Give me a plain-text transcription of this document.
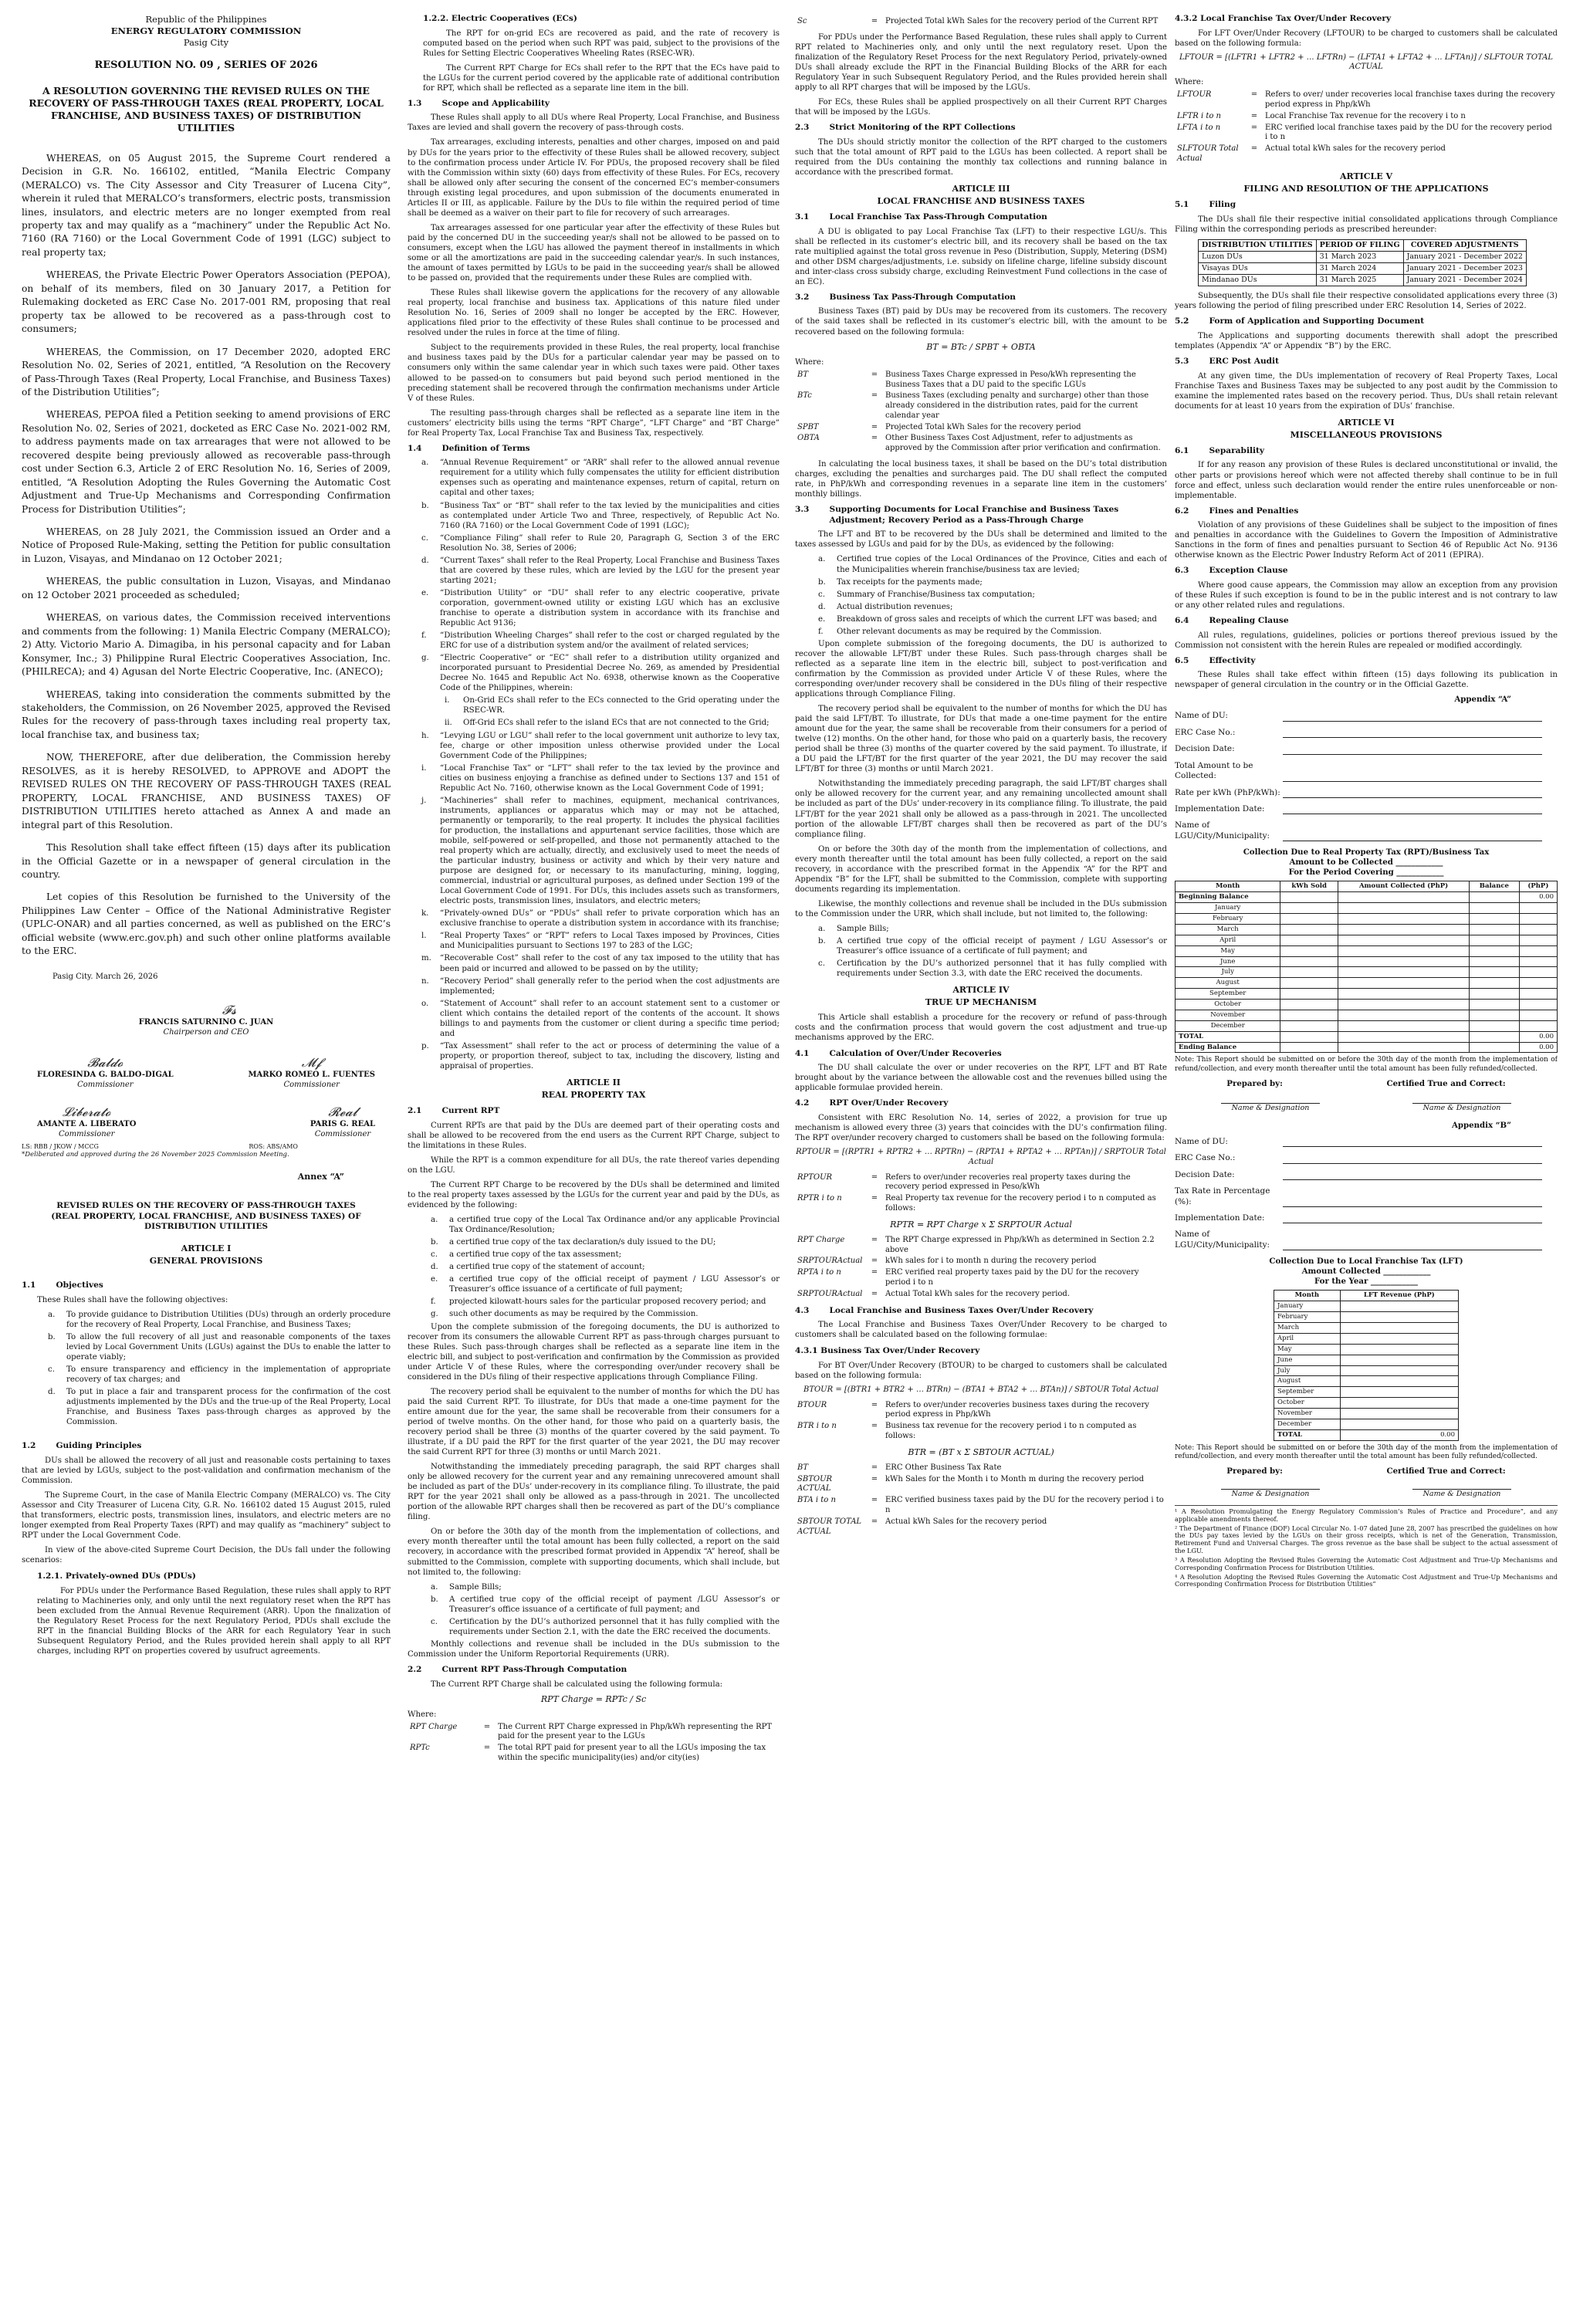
Republic of the Philippines
ENERGY REGULATORY COMMISSION
Pasig City
RESOLUTION NO. 09 , SERIES OF 2026
A RESOLUTION GOVERNING THE REVISED RULES ON THE RECOVERY OF PASS-THROUGH TAXES (REAL PROPERTY, LOCAL FRANCHISE, AND BUSINESS TAXES) OF DISTRIBUTION UTILITIES

WHEREAS, on 05 August 2015, the Supreme Court rendered a Decision in G.R. No. 166102, entitled, “Manila Electric Company (MERALCO) vs. The City Assessor and City Treasurer of Lucena City”, wherein it ruled that MERALCO’s transformers, electric posts, transmission lines, insulators, and electric meters are no longer exempted from real property tax and may qualify as a “machinery” under the Republic Act No. 7160 (RA 7160) or the Local Government Code of 1991 (LGC) subject to real property tax;

WHEREAS, the Private Electric Power Operators Association (PEPOA), on behalf of its members, filed on 30 January 2017, a Petition for Rulemaking docketed as ERC Case No. 2017-001 RM, proposing that real property tax be allowed to be recovered as a pass-through cost to consumers;

WHEREAS, the Commission, on 17 December 2020, adopted ERC Resolution No. 02, Series of 2021, entitled, “A Resolution on the Recovery of Pass-Through Taxes (Real Property, Local Franchise, and Business Taxes) of the Distribution Utilities”;

WHEREAS, PEPOA filed a Petition seeking to amend provisions of ERC Resolution No. 02, Series of 2021, docketed as ERC Case No. 2021-002 RM, to address payments made on tax arrearages that were not allowed to be recovered despite being previously allowed as recoverable pass-through cost under Section 6.3, Article 2 of ERC Resolution No. 16, Series of 2009, entitled, “A Resolution Adopting the Rules Governing the Automatic Cost Adjustment and True-Up Mechanisms and Corresponding Confirmation Process for Distribution Utilities”;

WHEREAS, on 28 July 2021, the Commission issued an Order and a Notice of Proposed Rule-Making, setting the Petition for public consultation in Luzon, Visayas, and Mindanao on 12 October 2021;

WHEREAS, the public consultation in Luzon, Visayas, and Mindanao on 12 October 2021 proceeded as scheduled;

WHEREAS, on various dates, the Commission received interventions and comments from the following: 1) Manila Electric Company (MERALCO); 2) Atty. Victorio Mario A. Dimagiba, in his personal capacity and for Laban Konsymer, Inc.; 3) Philippine Rural Electric Cooperatives Association, Inc. (PHILRECA); and 4) Agusan del Norte Electric Cooperative, Inc. (ANECO);

WHEREAS, taking into consideration the comments submitted by the stakeholders, the Commission, on 26 November 2025, approved the Revised Rules for the recovery of pass-through taxes including real property tax, local franchise tax, and business tax;

NOW, THEREFORE, after due deliberation, the Commission hereby RESOLVES, as it is hereby RESOLVED, to APPROVE and ADOPT the REVISED RULES ON THE RECOVERY OF PASS-THROUGH TAXES (REAL PROPERTY, LOCAL FRANCHISE, AND BUSINESS TAXES) OF DISTRIBUTION UTILITIES hereto attached as Annex A and made an integral part of this Resolution.

This Resolution shall take effect fifteen (15) days after its publication in the Official Gazette or in a newspaper of general circulation in the country.

Let copies of this Resolution be furnished to the University of the Philippines Law Center – Office of the National Administrative Register (UPLC-ONAR) and all parties concerned, as well as published on the ERC’s official website (www.erc.gov.ph) and such other online platforms available to the ERC.

Pasig City. March 26, 2026
𝓕𝓼
FRANCIS SATURNINO C. JUAN
Chairperson and CEO
𝓑𝓪𝓵𝓭𝓸
FLORESINDA G. BALDO-DIGAL
Commissioner
𝓜𝓯
MARKO ROMEO L. FUENTES
Commissioner
𝓛𝓲𝓫𝓮𝓻𝓪𝓽𝓸
AMANTE A. LIBERATO
Commissioner
𝓡𝓮𝓪𝓵
PARIS G. REAL
Commissioner
LS: RBB / JKOW / MCCG	ROS: ABS/AMO
*Deliberated and approved during the 26 November 2025 Commission Meeting.
Annex “A”
REVISED RULES ON THE RECOVERY OF PASS-THROUGH TAXES (REAL PROPERTY, LOCAL FRANCHISE, AND BUSINESS TAXES) OF DISTRIBUTION UTILITIES
ARTICLE I
GENERAL PROVISIONS
1.1 Objectives

These Rules shall have the following objectives:

a.	To provide guidance to Distribution Utilities (DUs) through an orderly procedure for the recovery of Real Property, Local Franchise, and Business Taxes;
b.	To allow the full recovery of all just and reasonable components of the taxes levied by Local Government Units (LGUs) against the DUs to enable the latter to operate viably;
c.	To ensure transparency and efficiency in the implementation of appropriate recovery of tax charges; and
d.	To put in place a fair and transparent process for the confirmation of the cost adjustments implemented by the DUs and the true-up of the Real Property, Local Franchise, and Business Taxes pass-through charges as approved by the Commission.
1.2 Guiding Principles

DUs shall be allowed the recovery of all just and reasonable costs pertaining to taxes that are levied by LGUs, subject to the post-validation and confirmation mechanism of the Commission.

The Supreme Court, in the case of Manila Electric Company (MERALCO) vs. The City Assessor and City Treasurer of Lucena City, G.R. No. 166102 dated 15 August 2015, ruled that transformers, electric posts, transmission lines, insulators, and electric meters are no longer exempted from Real Property Taxes (RPT) and may qualify as “machinery” subject to RPT under the Local Government Code.

In view of the above-cited Supreme Court Decision, the DUs fall under the following scenarios:

1.2.1. Privately-owned DUs (PDUs)

For PDUs under the Performance Based Regulation, these rules shall apply to RPT relating to Machineries only, and only until the next regulatory reset when the RPT has been excluded from the Annual Revenue Requirement (ARR). Upon the finalization of the Regulatory Reset Process for the next Regulatory Period, PDUs shall exclude the RPT in the financial Building Blocks of the ARR for each Regulatory Year in such Subsequent Regulatory Period, and the Rules provided herein shall apply to all RPT charges, including RPT on properties covered by usufruct agreements.

1.2.2. Electric Cooperatives (ECs)

The RPT for on-grid ECs are recovered as paid, and the rate of recovery is computed based on the period when such RPT was paid, subject to the provisions of the Rules for Setting Electric Cooperatives Wheeling Rates (RSEC-WR).

The Current RPT Charge for ECs shall refer to the RPT that the ECs have paid to the LGUs for the current period covered by the applicable rate of additional contribution for RPT, which shall be reflected as a separate line item in the bill.

1.3 Scope and Applicability

These Rules shall apply to all DUs where Real Property, Local Franchise, and Business Taxes are levied and shall govern the recovery of pass-through costs.

Tax arrearages, excluding interests, penalties and other charges, imposed on and paid by DUs for the years prior to the effectivity of these Rules shall be allowed recovery, subject to the confirmation process under Article IV. For PDUs, the proposed recovery shall be filed with the Commission within sixty (60) days from effectivity of these Rules. For ECs, recovery shall be allowed only after securing the consent of the concerned EC’s member-consumers through existing legal procedures, and upon submission of the documents enumerated in Articles II or III, as applicable. Failure by the DUs to file within the required period of time shall be deemed as a waiver on their part to file for recovery of such arrearages.

Tax arrearages assessed for one particular year after the effectivity of these Rules but paid by the concerned DU in the succeeding year/s shall not be allowed to be passed on to consumers, except when the LGU has allowed the payment thereof in installments in which some or all the amortizations are paid in the succeeding calendar year/s. In such instances, the amount of taxes permitted by LGUs to be paid in the succeeding year/s shall be allowed to be passed on, provided that the requirements under these Rules are complied with.

These Rules shall likewise govern the applications for the recovery of any allowable real property, local franchise and business tax. Applications of this nature filed under Resolution No. 16, Series of 2009 shall no longer be accepted by the ERC. However, applications filed prior to the effectivity of these Rules shall continue to be processed and resolved under the rules in force at the time of filing.

Subject to the requirements provided in these Rules, the real property, local franchise and business taxes paid by the DUs for a particular calendar year may be passed on to consumers only within the same calendar year in which such taxes were paid. Other taxes allowed to be passed-on to consumers but paid beyond such period mentioned in the preceding statement shall be recovered through the confirmation mechanisms under Article V of these Rules.

The resulting pass-through charges shall be reflected as a separate line item in the customers’ electricity bills using the terms “RPT Charge”, “LFT Charge” and “BT Charge” for Real Property Tax, Local Franchise Tax and Business Tax, respectively.

1.4 Definition of Terms
a.	“Annual Revenue Requirement” or “ARR” shall refer to the allowed annual revenue requirement for a utility which fully compensates the utility for efficient distribution expenses such as operating and maintenance expenses, return of capital, return on capital and other taxes;
b.	“Business Tax” or “BT” shall refer to the tax levied by the municipalities and cities as contemplated under Article Two and Three, respectively, of Republic Act No. 7160 (RA 7160) or the Local Government Code of 1991 (LGC);
c.	“Compliance Filing” shall refer to Rule 20, Paragraph G, Section 3 of the ERC Resolution No. 38, Series of 2006;
d.	“Current Taxes” shall refer to the Real Property, Local Franchise and Business Taxes that are covered by these rules, which are levied by the LGU for the present year starting 2021;
e.	“Distribution Utility” or “DU” shall refer to any electric cooperative, private corporation, government-owned utility or existing LGU which has an exclusive franchise to operate a distribution system in accordance with its franchise and Republic Act 9136;
f.	“Distribution Wheeling Charges” shall refer to the cost or charged regulated by the ERC for use of a distribution system and/or the availment of related services;
g.	“Electric Cooperative” or “EC” shall refer to a distribution utility organized and incorporated pursuant to Presidential Decree No. 269, as amended by Presidential Decree No. 1645 and Republic Act No. 6938, otherwise known as the Cooperative Code of the Philippines, wherein:
i.	On-Grid ECs shall refer to the ECs connected to the Grid operating under the RSEC-WR.
ii.	Off-Grid ECs shall refer to the island ECs that are not connected to the Grid;
h.	“Levying LGU or LGU” shall refer to the local government unit authorize to levy tax, fee, charge or other imposition unless otherwise provided under the Local Government Code of the Philippines;
i.	“Local Franchise Tax” or “LFT” shall refer to the tax levied by the province and cities on business enjoying a franchise as defined under to Sections 137 and 151 of Republic Act No. 7160, otherwise known as the Local Government Code of 1991;
j.	“Machineries” shall refer to machines, equipment, mechanical contrivances, instruments, appliances or apparatus which may or may not be attached, permanently or temporarily, to the real property. It includes the physical facilities for production, the installations and appurtenant service facilities, those which are mobile, self-powered or self-propelled, and those not permanently attached to the real property which are actually, directly, and exclusively used to meet the needs of the particular industry, business or activity and which by their very nature and purpose are designed for, or necessary to its manufacturing, mining, logging, commercial, industrial or agricultural purposes, as defined under Section 199 of the Local Government Code of 1991. For DUs, this includes assets such as transformers, electric posts, transmission lines, insulators, and electric meters;
k.	“Privately-owned DUs” or “PDUs” shall refer to private corporation which has an exclusive franchise to operate a distribution system in accordance with its franchise;
l.	“Real Property Taxes” or “RPT” refers to Local Taxes imposed by Provinces, Cities and Municipalities pursuant to Sections 197 to 283 of the LGC;
m.	“Recoverable Cost” shall refer to the cost of any tax imposed to the utility that has been paid or incurred and allowed to be passed on by the utility;
n.	“Recovery Period” shall generally refer to the period when the cost adjustments are implemented;
o.	“Statement of Account” shall refer to an account statement sent to a customer or client which contains the detailed report of the contents of the account. It shows billings to and payments from the customer or client during a specific time period; and
p.	“Tax Assessment” shall refer to the act or process of determining the value of a property, or proportion thereof, subject to tax, including the discovery, listing and appraisal of properties.
ARTICLE II
REAL PROPERTY TAX
2.1 Current RPT

Current RPTs are that paid by the DUs are deemed part of their operating costs and shall be allowed to be recovered from the end users as the Current RPT Charge, subject to the limitations in these Rules.

While the RPT is a common expenditure for all DUs, the rate thereof varies depending on the LGU.

The Current RPT Charge to be recovered by the DUs shall be determined and limited to the real property taxes assessed by the LGUs for the current year and paid by the DUs, as evidenced by the following:

a.	a certified true copy of the Local Tax Ordinance and/or any applicable Provincial Tax Ordinance/Resolution;
b.	a certified true copy of the tax declaration/s duly issued to the DU;
c.	a certified true copy of the tax assessment;
d.	a certified true copy of the statement of account;
e.	a certified true copy of the official receipt of payment / LGU Assessor’s or Treasurer’s office issuance of a certificate of full payment;
f.	projected kilowatt-hours sales for the particular proposed recovery period; and
g.	such other documents as may be required by the Commission.

Upon the complete submission of the foregoing documents, the DU is authorized to recover from its consumers the allowable Current RPT as pass-through charges pursuant to these Rules. Such pass-through charges shall be reflected as a separate line item in the electric bill, and subject to post-verification and confirmation by the Commission as provided under Article V of these Rules, where the corresponding over/under recovery shall be considered in the DUs filing of their respective applications through Compliance Filing.

The recovery period shall be equivalent to the number of months for which the DU has paid the said Current RPT. To illustrate, for DUs that made a one-time payment for the entire amount due for the year, the same shall be recoverable from their consumers for a period of twelve months. On the other hand, for those who paid on a quarterly basis, the recovery period shall be three (3) months of the quarter covered by the said payment. To illustrate, if a DU paid the RPT for the first quarter of the year 2021, the DU may recover the said Current RPT for three (3) months or until March 2021.

Notwithstanding the immediately preceding paragraph, the said RPT charges shall only be allowed recovery for the current year and any remaining unrecovered amount shall be included as part of the DUs’ under-recovery in its compliance filing. To illustrate, the paid RPT for the year 2021 shall only be allowed as a pass-through in 2021. The uncollected portion of the allowable RPT charges shall then be recovered as part of the DU’s compliance filing.

On or before the 30th day of the month from the implementation of collections, and every month thereafter until the total amount has been fully collected, a report on the said recovery, in accordance with the prescribed format provided in Appendix “A” hereof, shall be submitted to the Commission, complete with supporting documents, which shall include, but not limited to, the following:

a.	Sample Bills;
b.	A certified true copy of the official receipt of payment /LGU Assessor’s or Treasurer’s office issuance of a certificate of full payment; and
c.	Certification by the DU’s authorized personnel that it has fully complied with the requirements under Section 2.1, with the date the ERC received the documents.

Monthly collections and revenue shall be included in the DUs submission to the Commission under the Uniform Reportorial Requirements (URR).

2.2 Current RPT Pass-Through Computation

The Current RPT Charge shall be calculated using the following formula:

RPT Charge = RPTc / Sc
Where:
RPT Charge	=	The Current RPT Charge expressed in Php/kWh representing the RPT paid for the present year to the LGUs
RPTc	=	The total RPT paid for present year to all the LGUs imposing the tax within the specific municipality(ies) and/or city(ies)
Sc	=	Projected Total kWh Sales for the recovery period of the Current RPT

For PDUs under the Performance Based Regulation, these rules shall apply to Current RPT related to Machineries only, and only until the next regulatory reset. Upon the finalization of the Regulatory Reset Process for the next Regulatory Period, privately-owned DUs shall already exclude the RPT in the Financial Building Blocks of the ARR for each Regulatory Year in such Subsequent Regulatory Period, and the Rules provided herein shall apply to all RPT charges that will be imposed by the LGUs.

For ECs, these Rules shall be applied prospectively on all their Current RPT Charges that will be imposed by the LGUs.

2.3 Strict Monitoring of the RPT Collections

The DUs should strictly monitor the collection of the RPT charged to the customers such that the total amount of RPT paid to the LGUs has been collected. A report shall be required from the DUs containing the monthly tax collections and running balance in accordance with the prescribed format.

ARTICLE III
LOCAL FRANCHISE AND BUSINESS TAXES
3.1 Local Franchise Tax Pass-Through Computation

A DU is obligated to pay Local Franchise Tax (LFT) to their respective LGU/s. This shall be reflected in its customer’s electric bill, and its recovery shall be based on the tax rate multiplied against the total gross revenue in Peso (Distribution, Supply, Metering (DSM) and other DSM charges/adjustments, i.e. subsidy on lifeline charge, lifeline subsidy discount and inter-class cross subsidy charge, excluding Reinvestment Fund collections in the case of an EC).

3.2 Business Tax Pass-Through Computation

Business Taxes (BT) paid by DUs may be recovered from its customers. The recovery of the said taxes shall be reflected in its customer’s electric bill, with the amount to be recovered based on the following formula:

BT = BTc / SPBT + OBTA
Where:
BT	=	Business Taxes Charge expressed in Peso/kWh representing the Business Taxes that a DU paid to the specific LGUs
BTc	=	Business Taxes (excluding penalty and surcharge) other than those already considered in the distribution rates, paid for the current calendar year
SPBT	=	Projected Total kWh Sales for the recovery period
OBTA	=	Other Business Taxes Cost Adjustment, refer to adjustments as approved by the Commission after prior verification and confirmation.

In calculating the local business taxes, it shall be based on the DU’s total distribution charges, excluding the penalties and surcharges paid. The DU shall reflect the computed rate, in PhP/kWh and corresponding revenues in a separate line item in the customers’ monthly billings.

3.3 Supporting Documents for Local Franchise and Business Taxes Adjustment; Recovery Period as a Pass-Through Charge

The LFT and BT to be recovered by the DUs shall be determined and limited to the taxes assessed by LGUs and paid for by the DUs, as evidenced by the following:

a.	Certified true copies of the Local Ordinances of the Province, Cities and each of the Municipalities wherein franchise/business tax are levied;
b.	Tax receipts for the payments made;
c.	Summary of Franchise/Business tax computation;
d.	Actual distribution revenues;
e.	Breakdown of gross sales and receipts of which the current LFT was based; and
f.	Other relevant documents as may be required by the Commission.

Upon complete submission of the foregoing documents, the DU is authorized to recover the allowable LFT/BT under these Rules. Such pass-through charges shall be reflected as a separate line item in the electric bill, subject to post-verification and confirmation by the Commission as provided under Article V of these Rules, where the corresponding over/under recovery shall be considered in the DUs filing of their respective applications through Compliance Filing.

The recovery period shall be equivalent to the number of months for which the DU has paid the said LFT/BT. To illustrate, for DUs that made a one-time payment for the entire amount due for the year, the same shall be recoverable from their consumers for a period of twelve (12) months. On the other hand, for those who paid on a quarterly basis, the recovery period shall be three (3) months of the quarter covered by the said payment. To illustrate, if a DU paid the LFT/BT for the first quarter of the year 2021, the DU may recover the said LFT/BT for three (3) months or until March 2021.

Notwithstanding the immediately preceding paragraph, the said LFT/BT charges shall only be allowed recovery for the current year, and any remaining uncollected amount shall be included as part of the DUs’ under-recovery in its compliance filing. To illustrate, the paid LFT/BT for the year 2021 shall only be allowed as a pass-through in 2021. The uncollected portion of the allowable LFT/BT charges shall then be recovered as part of the DU’s compliance filing.

On or before the 30th day of the month from the implementation of collections, and every month thereafter until the total amount has been fully collected, a report on the said recovery, in accordance with the prescribed format in the Appendix “A” for the RPT and Appendix “B” for the LFT, shall be submitted to the Commission, complete with supporting documents regarding its implementation.

Likewise, the monthly collections and revenue shall be included in the DUs submission to the Commission under the URR, which shall include, but not limited to, the following:

a.	Sample Bills;
b.	A certified true copy of the official receipt of payment / LGU Assessor’s or Treasurer’s office issuance of a certificate of full payment; and
c.	Certification by the DU’s authorized personnel that it has fully complied with requirements under Section 3.3, with date the ERC received the documents.
ARTICLE IV
TRUE UP MECHANISM

This Article shall establish a procedure for the recovery or refund of pass-through costs and the confirmation process that would govern the cost adjustment and true-up mechanisms approved by the ERC.

4.1 Calculation of Over/Under Recoveries

The DU shall calculate the over or under recoveries on the RPT, LFT and BT Rate brought about by the variance between the allowable cost and the revenues billed using the applicable formulae provided herein.

4.2 RPT Over/Under Recovery

Consistent with ERC Resolution No. 14, series of 2022, a provision for true up mechanism is allowed every three (3) years that coincides with the DU’s confirmation filing. The RPT over/under recovery charged to customers shall be based on the following formula:

RPTOUR = [(RPTR1 + RPTR2 + … RPTRn) − (RPTA1 + RPTA2 + … RPTAn)] / SRPTOUR Total Actual
RPTOUR	=	Refers to over/under recoveries real property taxes during the recovery period expressed in Peso/kWh
RPTR i to n	=	Real Property tax revenue for the recovery period i to n computed as follows:
RPTR = RPT Charge x Σ SRPTOUR Actual
RPT Charge	=	The RPT Charge expressed in Php/kWh as determined in Section 2.2 above
SRPTOURActual	=	kWh sales for i to month n during the recovery period
RPTA i to n	=	ERC verified real property taxes paid by the DU for the recovery period i to n
SRPTOURActual	=	Actual Total kWh sales for the recovery period.
4.3 Local Franchise and Business Taxes Over/Under Recovery

The Local Franchise and Business Taxes Over/Under Recovery to be charged to customers shall be calculated based on the following formulae:

4.3.1 Business Tax Over/Under Recovery

For BT Over/Under Recovery (BTOUR) to be charged to customers shall be calculated based on the following formula:

BTOUR = [(BTR1 + BTR2 + … BTRn) − (BTA1 + BTA2 + … BTAn)] / SBTOUR Total Actual
BTOUR	=	Refers to over/under recoveries business taxes during the recovery period express in Php/kWh
BTR i to n	=	Business tax revenue for the recovery period i to n computed as follows:
BTR = (BT x Σ SBTOUR ACTUAL)
BT	=	ERC Other Business Tax Rate
SBTOUR ACTUAL	=	kWh Sales for the Month i to Month m during the recovery period
BTA i to n	=	ERC verified business taxes paid by the DU for the recovery period i to n
SBTOUR TOTAL ACTUAL	=	Actual kWh Sales for the recovery period
4.3.2 Local Franchise Tax Over/Under Recovery

For LFT Over/Under Recovery (LFTOUR) to be charged to customers shall be calculated based on the following formula:

LFTOUR = [(LFTR1 + LFTR2 + … LFTRn) − (LFTA1 + LFTA2 + … LFTAn)] / SLFTOUR TOTAL ACTUAL
Where:
LFTOUR	=	Refers to over/ under recoveries local franchise taxes during the recovery period express in Php/kWh
LFTR i to n	=	Local Franchise Tax revenue for the recovery i to n
LFTA i to n	=	ERC verified local franchise taxes paid by the DU for the recovery period i to n
SLFTOUR Total Actual	=	Actual total kWh sales for the recovery period
ARTICLE V
FILING AND RESOLUTION OF THE APPLICATIONS
5.1 Filing

The DUs shall file their respective initial consolidated applications through Compliance Filing within the corresponding periods as prescribed hereunder:

DISTRIBUTION UTILITIES	PERIOD OF FILING	COVERED ADJUSTMENTS
Luzon DUs	31 March 2023	January 2021 - December 2022
Visayas DUs	31 March 2024	January 2021 - December 2023
Mindanao DUs	31 March 2025	January 2021 - December 2024

Subsequently, the DUs shall file their respective consolidated applications every three (3) years following the period of filing prescribed under ERC Resolution 14, Series of 2022.

5.2 Form of Application and Supporting Document

The Applications and supporting documents therewith shall adopt the prescribed templates (Appendix “A” or Appendix “B”) by the ERC.

5.3 ERC Post Audit

At any given time, the DUs implementation of recovery of Real Property Taxes, Local Franchise Taxes and Business Taxes may be subjected to any post audit by the Commission to examine the implemented rates based on the recovery period. Thus, DUs shall retain relevant documents for at least 10 years from the expiration of DUs’ franchise.

ARTICLE VI
MISCELLANEOUS PROVISIONS
6.1 Separability

If for any reason any provision of these Rules is declared unconstitutional or invalid, the other parts or provisions hereof which were not affected thereby shall continue to be in full force and effect, unless such declaration would render the entire rules unenforceable or non-implementable.

6.2 Fines and Penalties

Violation of any provisions of these Guidelines shall be subject to the imposition of fines and penalties in accordance with the Guidelines to Govern the Imposition of Administrative Sanctions in the form of fines and penalties pursuant to Section 46 of Republic Act No. 9136 otherwise known as the Electric Power Industry Reform Act of 2011 (EPIRA).

6.3 Exception Clause

Where good cause appears, the Commission may allow an exception from any provision of these Rules if such exception is found to be in the public interest and is not contrary to law or any other related rules and regulations.

6.4 Repealing Clause

All rules, regulations, guidelines, policies or portions thereof previous issued by the Commission not consistent with the herein Rules are repealed or modified accordingly.

6.5 Effectivity

These Rules shall take effect within fifteen (15) days following its publication in newspaper of general circulation in the country or in the Official Gazette.

Appendix “A”
Name of DU:
ERC Case No.:
Decision Date:
Total Amount to be Collected:
Rate per kWh (PhP/kWh):
Implementation Date:
Name of LGU/City/Municipality:
Collection Due to Real Property Tax (RPT)/Business Tax
Amount to be Collected ____________
For the Period Covering ____________
Month	kWh Sold	Amount Collected (PhP)	Balance	(PhP)
Beginning Balance				0.00
January				
February				
March				
April				
May				
June				
July				
August				
September				
October				
November				
December				
TOTAL				0.00
Ending Balance				0.00

Note: This Report should be submitted on or before the 30th day of the month from the implementation of refund/collection, and every month thereafter until the total amount has been fully refunded/collected.

Prepared by:	Certified True and Correct:
Name & Designation	Name & Designation
Appendix “B”
Name of DU:
ERC Case No.:
Decision Date:
Tax Rate in Percentage (%):
Implementation Date:
Name of LGU/City/Municipality:
Collection Due to Local Franchise Tax (LFT)
Amount Collected ____________
For the Year ____________
Month	LFT Revenue (PhP)
January	
February	
March	
April	
May	
June	
July	
August	
September	
October	
November	
December	
TOTAL	0.00

Note: This Report should be submitted on or before the 30th day of the month from the implementation of refund/collection, and every month thereafter until the total amount has been fully refunded/collected.

Prepared by:	Certified True and Correct:
Name & Designation	Name & Designation

¹ A Resolution Promulgating the Energy Regulatory Commission’s Rules of Practice and Procedure”, and any applicable amendments thereof.

² The Department of Finance (DOF) Local Circular No. 1-07 dated June 28, 2007 has prescribed the guidelines on how the DUs pay taxes levied by the LGUs on their gross receipts, which is net of the Generation, Transmission, Retirement Fund and Universal Charges. The gross revenue as the base shall be subject to the actual assessment of the LGU.

³ A Resolution Adopting the Revised Rules Governing the Automatic Cost Adjustment and True-Up Mechanisms and Corresponding Confirmation Process for Distribution Utilities.

⁴ A Resolution Adopting the Revised Rules Governing the Automatic Cost Adjustment and True-Up Mechanisms and Corresponding Confirmation Process for Distribution Utilities”
